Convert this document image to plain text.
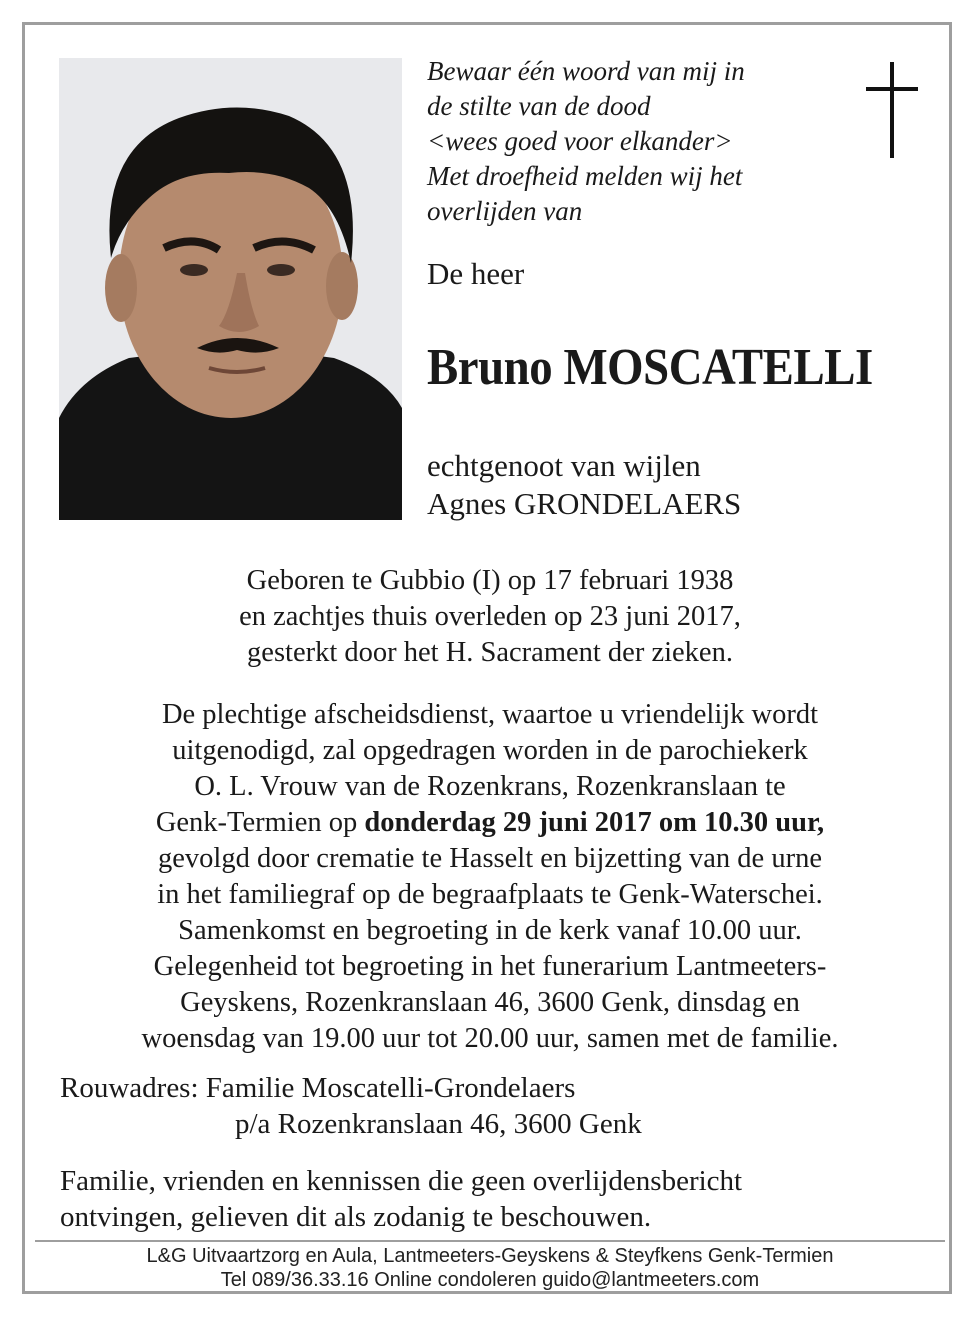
Bewaar één woord van mij in
de stilte van de dood
<wees goed voor elkander>
Met droefheid melden wij het
overlijden van
De heer
Bruno MOSCATELLI
echtgenoot van wijlen
Agnes GRONDELAERS
Geboren te Gubbio (I) op 17 februari 1938
en zachtjes thuis overleden op 23 juni 2017,
gesterkt door het H. Sacrament der zieken.
De plechtige afscheidsdienst, waartoe u vriendelijk wordt
uitgenodigd, zal opgedragen worden in de parochiekerk
O. L. Vrouw van de Rozenkrans, Rozenkranslaan te
Genk-Termien op donderdag 29 juni 2017 om 10.30 uur,
gevolgd door crematie te Hasselt en bijzetting van de urne
in het familiegraf op de begraafplaats te Genk-Waterschei.
Samenkomst en begroeting in de kerk vanaf 10.00 uur.
Gelegenheid tot begroeting in het funerarium Lantmeeters-
Geyskens, Rozenkranslaan 46, 3600 Genk, dinsdag en
woensdag van 19.00 uur tot 20.00 uur, samen met de familie.
Rouwadres: Familie Moscatelli-Grondelaers
p/a Rozenkranslaan 46, 3600 Genk
Familie, vrienden en kennissen die geen overlijdensbericht
ontvingen, gelieven dit als zodanig te beschouwen.
L&G Uitvaartzorg en Aula, Lantmeeters-Geyskens & Steyfkens Genk-Termien
Tel 089/36.33.16 Online condoleren guido@lantmeeters.com
